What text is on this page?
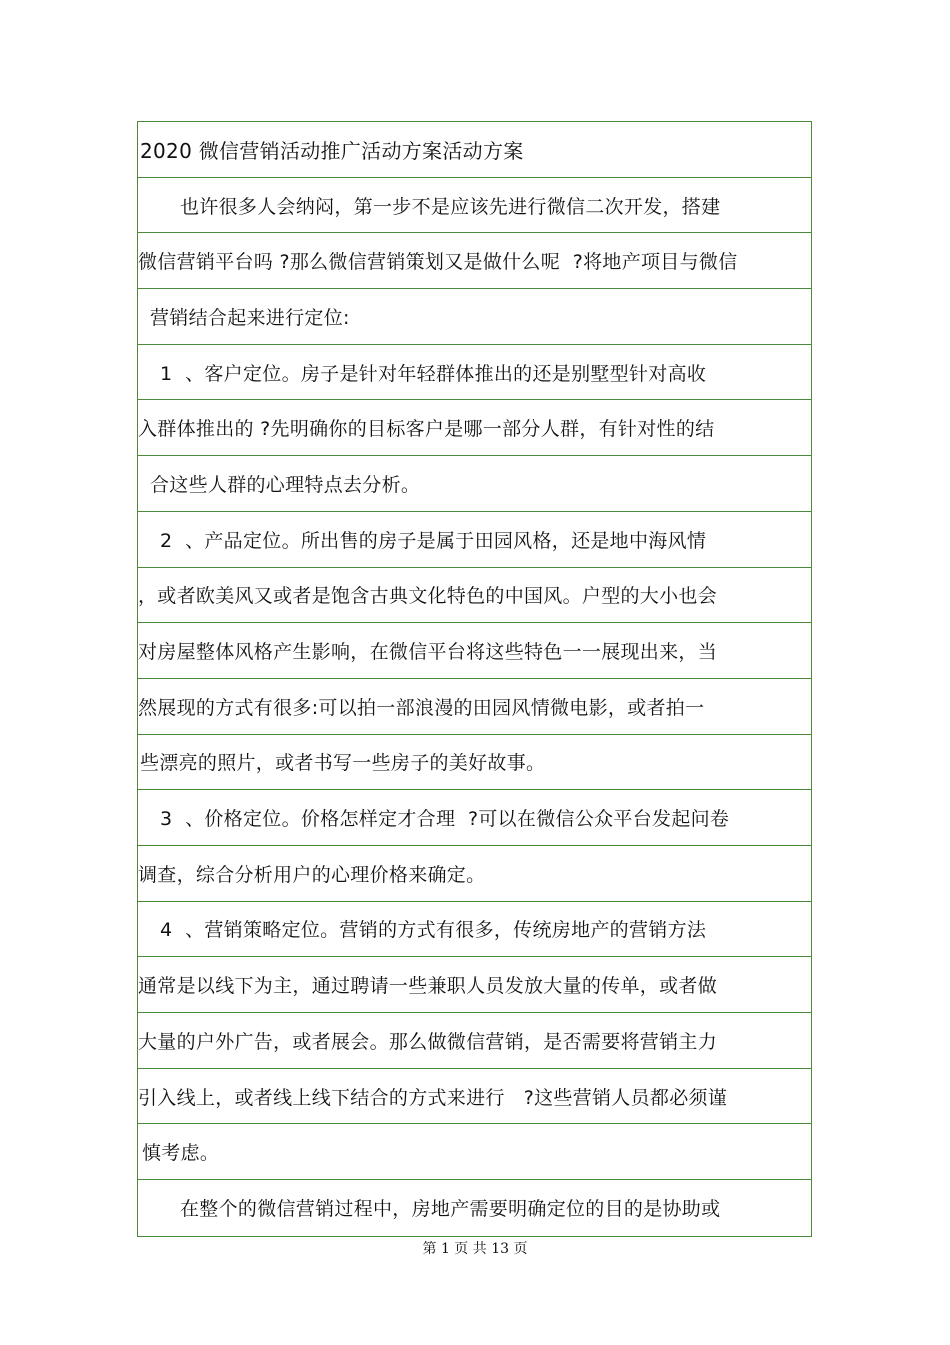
2020 微信营销活动推广活动方案活动方案
也许很多人会纳闷，第一步不是应该先进行微信二次开发，搭建
微信营销平台吗 ?那么微信营销策划又是做什么呢  ?将地产项目与微信
营销结合起来进行定位:
1  、客户定位。房子是针对年轻群体推出的还是别墅型针对高收
入群体推出的 ?先明确你的目标客户是哪一部分人群，有针对性的结
合这些人群的心理特点去分析。
2  、产品定位。所出售的房子是属于田园风格，还是地中海风情
，或者欧美风又或者是饱含古典文化特色的中国风。户型的大小也会
对房屋整体风格产生影响，在微信平台将这些特色一一展现出来，当
然展现的方式有很多:可以拍一部浪漫的田园风情微电影，或者拍一
些漂亮的照片，或者书写一些房子的美好故事。
3  、价格定位。价格怎样定才合理  ?可以在微信公众平台发起问卷
调查，综合分析用户的心理价格来确定。
4  、营销策略定位。营销的方式有很多，传统房地产的营销方法
通常是以线下为主，通过聘请一些兼职人员发放大量的传单，或者做
大量的户外广告，或者展会。那么做微信营销，是否需要将营销主力
引入线上，或者线上线下结合的方式来进行   ?这些营销人员都必须谨
慎考虑。
在整个的微信营销过程中，房地产需要明确定位的目的是协助或
第 1 页 共 13 页
